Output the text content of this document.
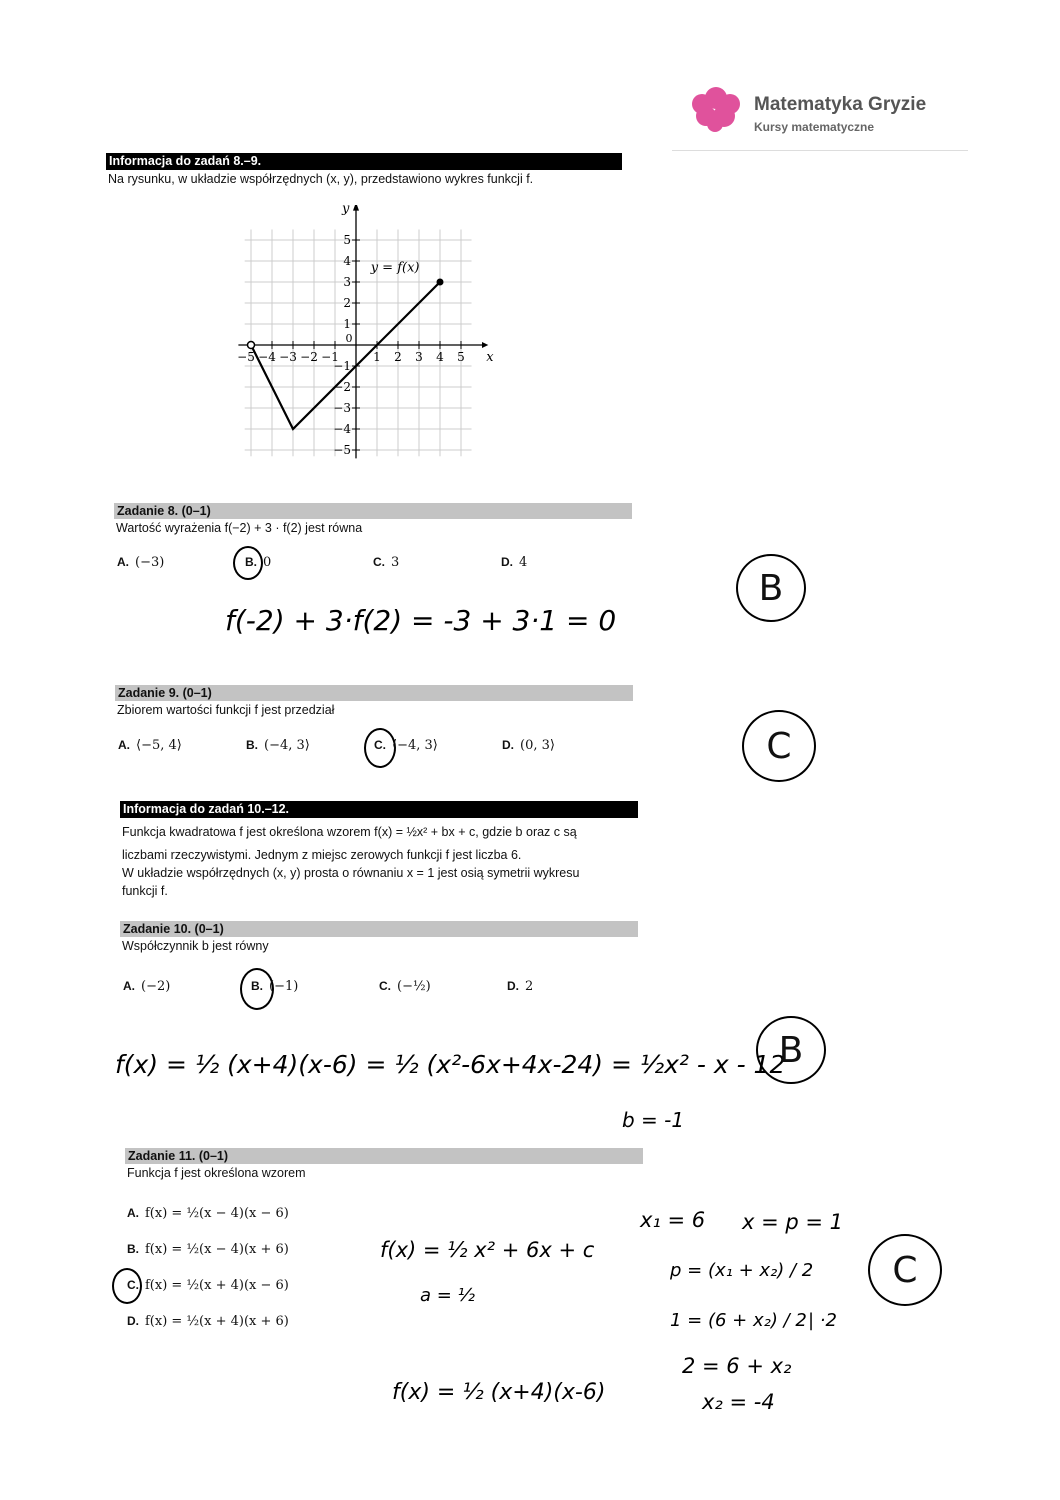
Matematyka Gryzie
Kursy matematyczne
Informacja do zadań 8.–9.
Na rysunku, w układzie współrzędnych (x, y), przedstawiono wykres funkcji f.
−5 −4 −3 −2 −1	1 2 3 4 5
5
4
3
2
1
−1
−2
−3
−4
−5
0
x
y
y = f(x)
Zadanie 8. (0–1)
Wartość wyrażenia f(−2) + 3 · f(2) jest równa
f(-2) + 3·f(2) = -3 + 3·1 = 0
B
Zadanie 9. (0–1)
Zbiorem wartości funkcji f jest przedział
C
Informacja do zadań 10.–12.
Funkcja kwadratowa f jest określona wzorem f(x) = ½x² + bx + c, gdzie b oraz c są
liczbami rzeczywistymi. Jednym z miejsc zerowych funkcji f jest liczba 6.
W układzie współrzędnych (x, y) prosta o równaniu x = 1 jest osią symetrii wykresu
funkcji f.
Zadanie 10. (0–1)
Współczynnik b jest równy
f(x) = ½ (x+4)(x-6) = ½ (x²-6x+4x-24) = ½x² - x - 12
b = -1
B
Zadanie 11. (0–1)
Funkcja f jest określona wzorem
f(x) = ½ x² + 6x + c
a = ½
f(x) = ½ (x+4)(x-6)
x₁ = 6 x = p = 1
p = (x₁ + x₂) / 2
1 = (6 + x₂) / 2 | ·2
2 = 6 + x₂
x₂ = -4
C
A. (−3)	B. 0	C. 3	D. 4
A. ⟨−5, 4⟩	B. (−4, 3⟩	C. ⟨−4, 3⟩	D. (0, 3⟩
A. (−2)	B. (−1)	C. (−½)	D. 2
A. f(x) = ½(x − 4)(x − 6)
B. f(x) = ½(x − 4)(x + 6)
C. f(x) = ½(x + 4)(x − 6)
D. f(x) = ½(x + 4)(x + 6)
